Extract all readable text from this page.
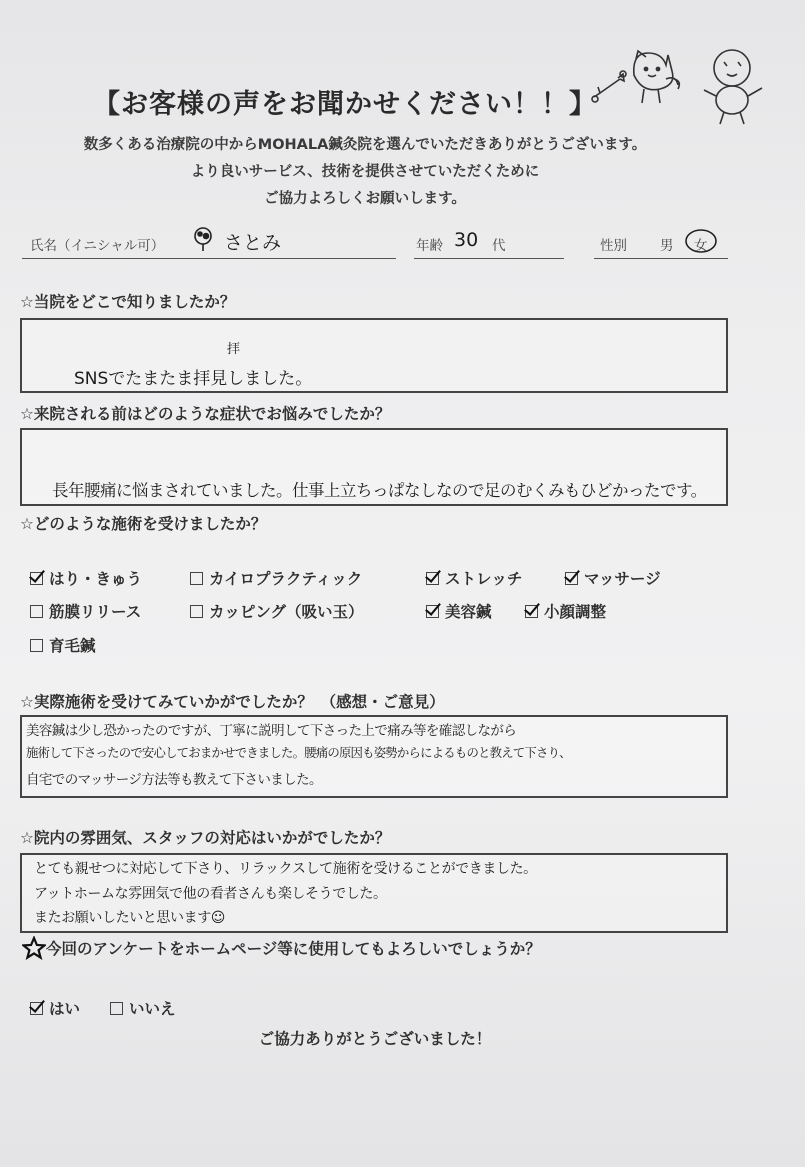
【お客様の声をお聞かせください！！】
数多くある治療院の中からMOHALA鍼灸院を選んでいただきありがとうございます。
より良いサービス、技術を提供させていただくために
ご協力よろしくお願いします。
氏名（イニシャル可）	さとみ	年齢 30 代	性別 男 女
☆当院をどこで知りましたか？
拝
SNSでたまたま拝見しました。
☆来院される前はどのような症状でお悩みでしたか？
長年腰痛に悩まされていました。仕事上立ちっぱなしなので足のむくみもひどかったです。
☆どのような施術を受けましたか？
はり・きゅう	カイロプラクティック	ストレッチ	マッサージ
筋膜リリース	カッピング（吸い玉）	美容鍼	小顔調整
育毛鍼
☆実際施術を受けてみていかがでしたか？　（感想・ご意見）
美容鍼は少し恐かったのですが、丁寧に説明して下さった上で痛み等を確認しながら
施術して下さったので安心しておまかせできました。腰痛の原因も姿勢からによるものと教えて下さり、
自宅でのマッサージ方法等も教えて下さいました。
☆院内の雰囲気、スタッフの対応はいかがでしたか？
とても親せつに対応して下さり、リラックスして施術を受けることができました。
アットホームな雰囲気で他の看者さんも楽しそうでした。
またお願いしたいと思います☺
今回のアンケートをホームページ等に使用してもよろしいでしょうか？
はい	いいえ
ご協力ありがとうございました！
